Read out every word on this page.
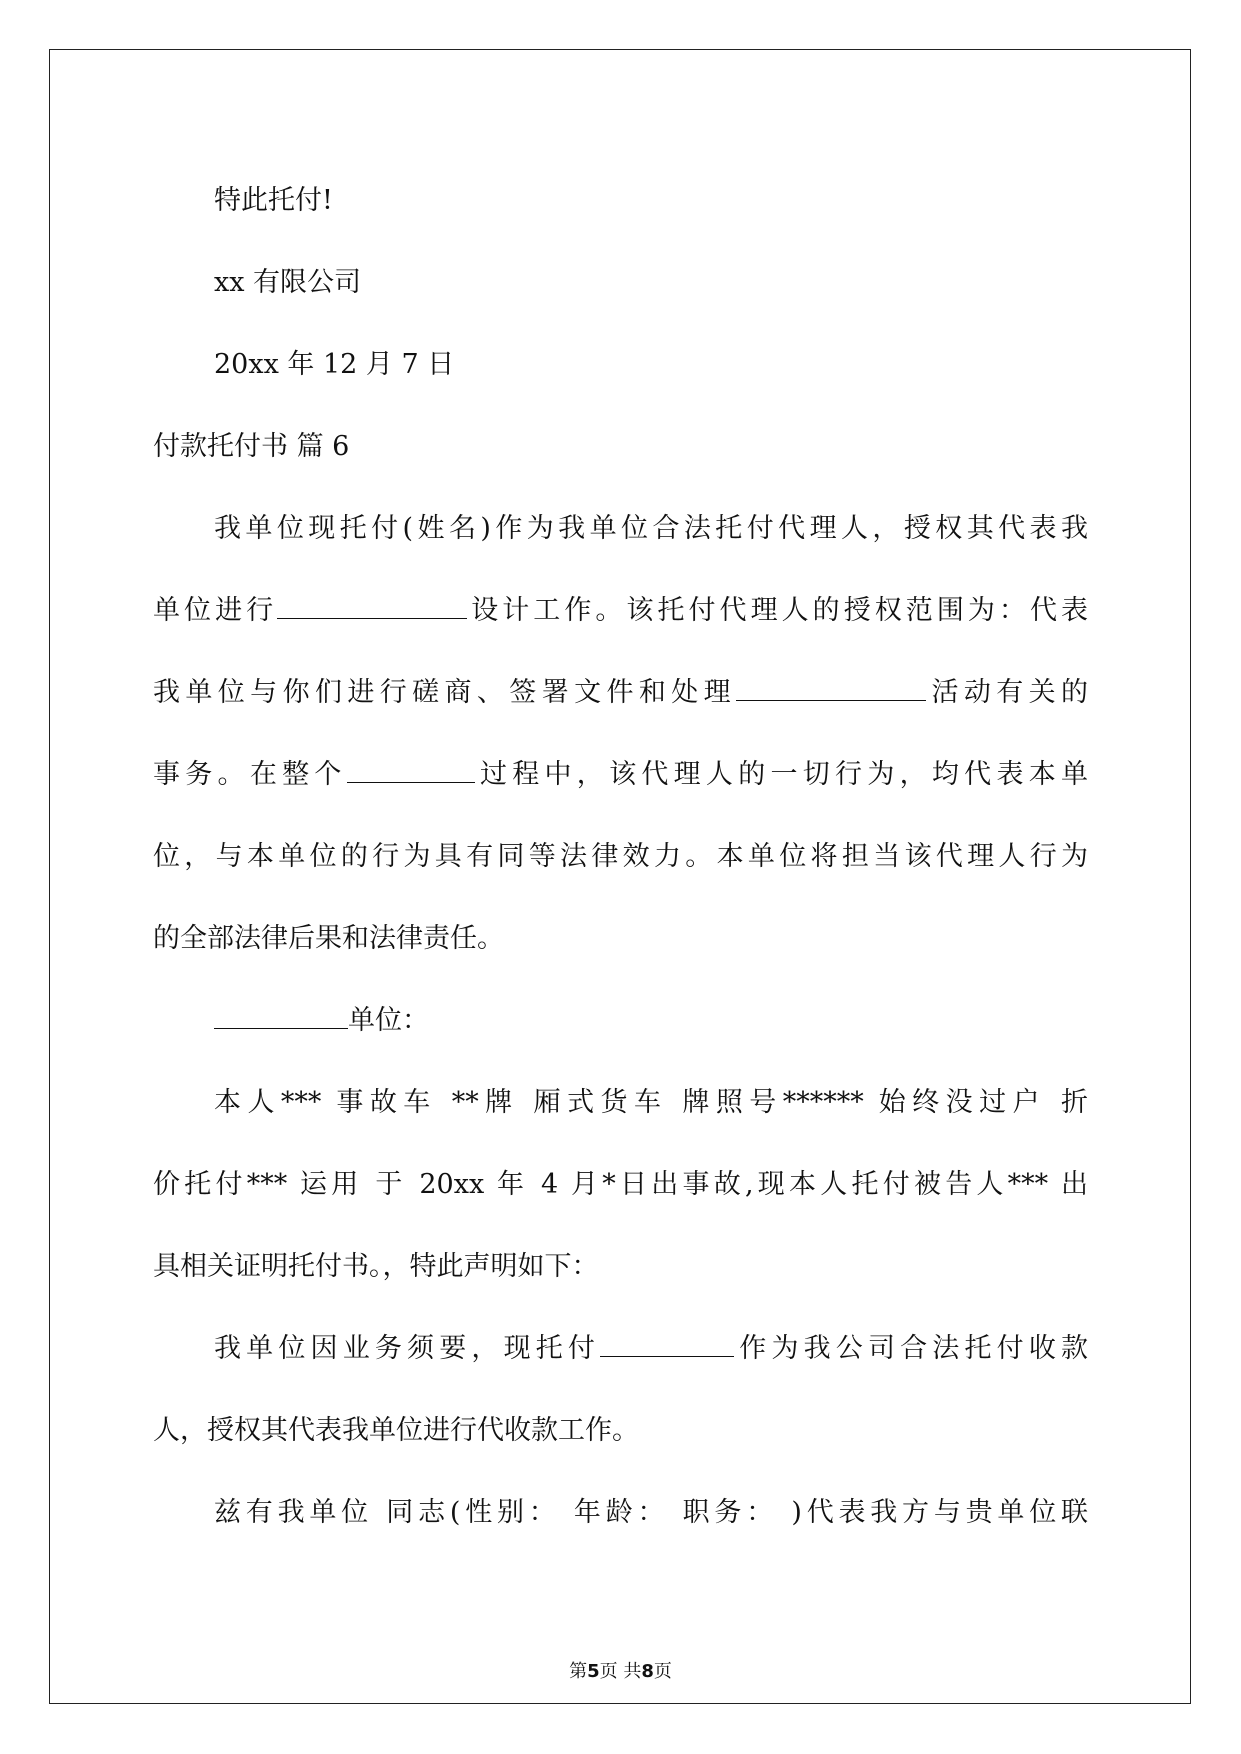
特此托付!
xx 有限公司
20xx 年 12 月 7 日
付款托付书 篇 6
我单位现托付(姓名)作为我单位合法托付代理人，授权其代表我
单位进行	设计工作。该托付代理人的授权范围为：代表
我单位与你们进行磋商、签署文件和处理	活动有关的
事务。在整个	过程中，该代理人的一切行为，均代表本单
位，与本单位的行为具有同等法律效力。本单位将担当该代理人行为
的全部法律后果和法律责任。
单位：
本人*** 事故车 **牌 厢式货车 牌照号****** 始终没过户 折
价托付*** 运用 于 20xx 年 4 月*日出事故,现本人托付被告人*** 出
具相关证明托付书。，特此声明如下：
我单位因业务须要，现托付	作为我公司合法托付收款
人，授权其代表我单位进行代收款工作。
兹有我单位 同志(性别： 年龄： 职务： )代表我方与贵单位联
第5页 共8页
